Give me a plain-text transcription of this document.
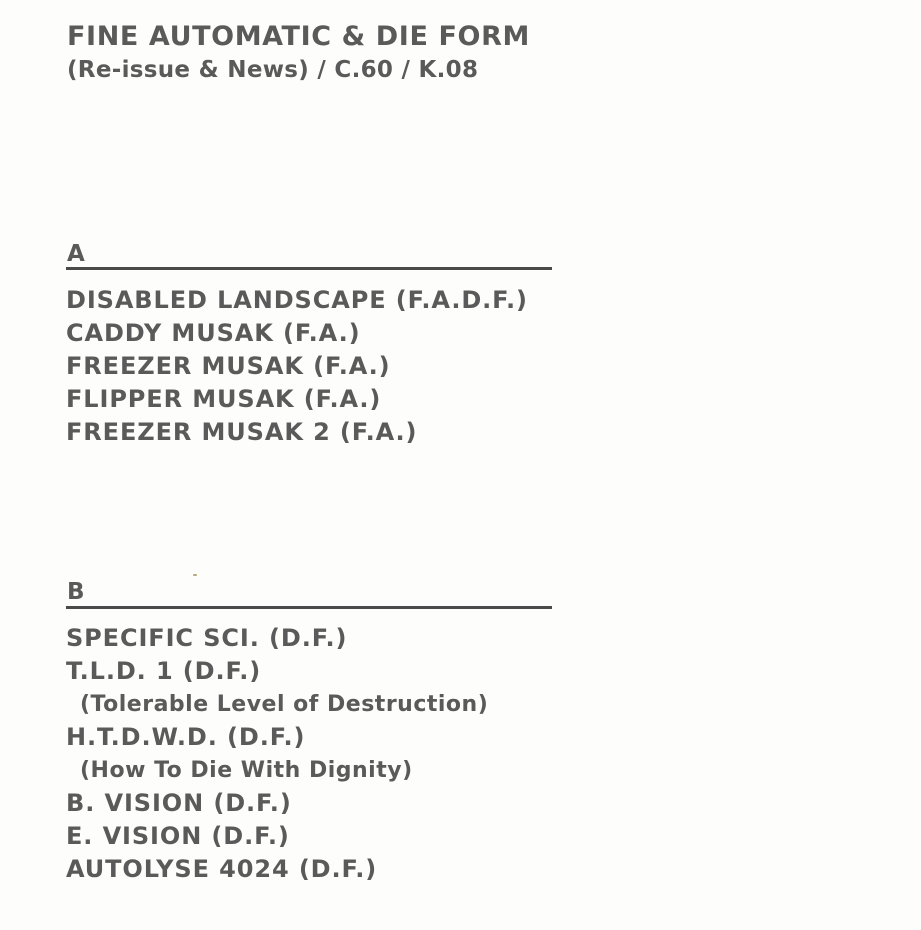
FINE AUTOMATIC & DIE FORM
(Re-issue & News) / C.60 / K.08
A
DISABLED LANDSCAPE (F.A.D.F.)
CADDY MUSAK (F.A.)
FREEZER MUSAK (F.A.)
FLIPPER MUSAK (F.A.)
FREEZER MUSAK 2 (F.A.)
B
SPECIFIC SCI. (D.F.)
T.L.D. 1 (D.F.)
(Tolerable Level of Destruction)
H.T.D.W.D. (D.F.)
(How To Die With Dignity)
B. VISION (D.F.)
E. VISION (D.F.)
AUTOLYSE 4024 (D.F.)
